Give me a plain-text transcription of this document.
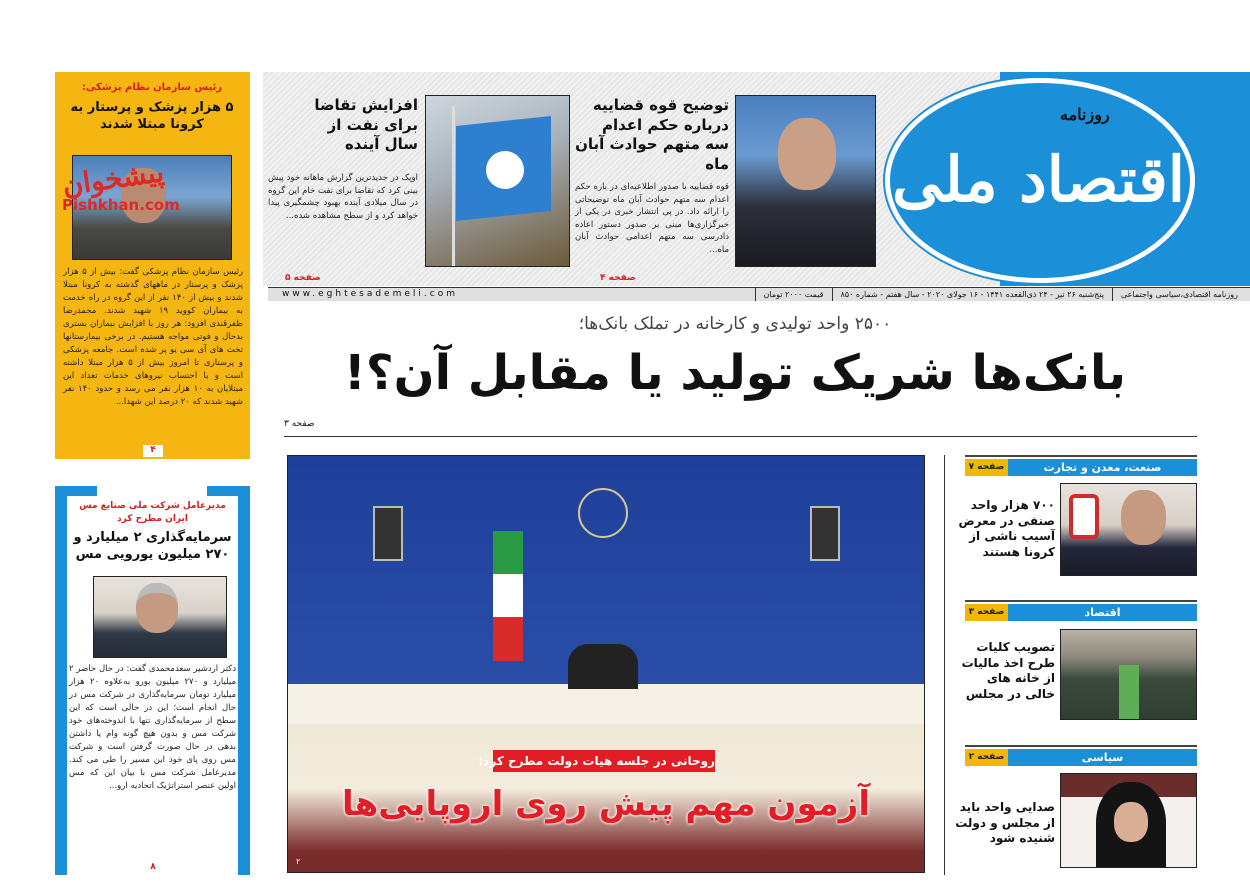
روزنامه
اقتصاد ملی
توضیح قوه قضاییه درباره حکم اعدام سه متهم حوادث آبان ماه
قوه قضاییه با صدور اطلاعیه‌ای در باره حکم اعدام سه متهم حوادث آبان ماه توضیحاتی را ارائه داد. در پی انتشار خبری در یکی از خبرگزاری‌ها مبنی بر صدور دستور اعاده دادرسی سه متهم اعدامی حوادث آبان ماه...
صفحه ۴
افزایش تقاضا برای نفت از سال آینده
اوپک در جدیدترین گزارش ماهانه خود پیش بینی کرد که تقاضا برای نفت خام این گروه در سال میلادی آینده بهبود چشمگیری پیدا خواهد کرد و از سطح مشاهده شده...
صفحه ۵
روزنامه اقتصادی،سیاسی واجتماعی
پنج‌شنبه ۲۶ تیر - ۲۴ ذی‌القعده ۱۴۴۱ - ۱۶ جولای ۲۰۲۰ - سال هفتم - شماره ۸۵۰
قیمت ۲۰۰۰ تومان
www.eghtesademeli.com
۲۵۰۰ واحد تولیدی و کارخانه در تملک بانک‌ها؛
بانک‌ها شریک تولید یا مقابل آن؟!
صفحه ۳
روحانی در جلسه هیات دولت مطرح کرد:
آزمون مهم پیش روی اروپایی‌ها
۲
صنعت، معدن و تجارت
صفحه ۷
۷۰۰ هزار واحد صنفی در معرض آسیب ناشی از کرونا هستند
اقتصاد
صفحه ۳
تصویب کلیات طرح اخذ مالیات از خانه های خالی در مجلس
سیاسی
صفحه ۲
صدایی واحد باید از مجلس و دولت شنیده شود
رئیس سازمان نظام پزشکی:
۵ هزار پزشک و پرستار به کرونا مبتلا شدند
رئیس سازمان نظام پزشکی گفت: بیش از ۵ هزار پزشک و پرستار در ماههای گذشته به کرونا مبتلا شدند و بیش از ۱۴۰ نفر از این گروه در راه خدمت به بیماران کووید ۱۹ شهید شدند. محمدرضا ظفرقندی افزود: هر روز با افزایش بیماران بستری بدحال و فوتی مواجه هستیم. در برخی بیمارستانها تخت های آی سی یو پر شده است. جامعه پزشکی و پرستاری تا امروز بیش از ۵ هزار مبتلا داشته است و با احتساب نیروهای خدمات تعداد این مبتلایان به ۱۰ هزار نفر می رسد و حدود ۱۴۰ نفر شهید شدند که ۲۰ درصد این شهدا...
۴
مدیرعامل شرکت ملی صنایع مس ایران مطرح کرد
سرمایه‌گذاری ۲ میلیارد و ۲۷۰ میلیون یورویی مس
دکتر اردشیر سعدمحمدی گفت: در حال حاضر ۲ میلیارد و ۲۷۰ میلیون یورو به‌علاوه ۲۰ هزار میلیارد تومان سرمایه‌گذاری در شرکت مس در حال انجام است؛ این در حالی است که این سطح از سرمایه‌گذاری تنها با اندوخته‌های خود شرکت مس و بدون هیچ گونه وام یا داشتن بدهی در حال صورت گرفتن است و شرکت مس روی پای خود این مسیر را طی می کند. مدیرعامل شرکت مس با بیان این که مس اولین عنصر استراتژیک اتحادیه ارو...
۸
پیشخوان
Pishkhan.com
